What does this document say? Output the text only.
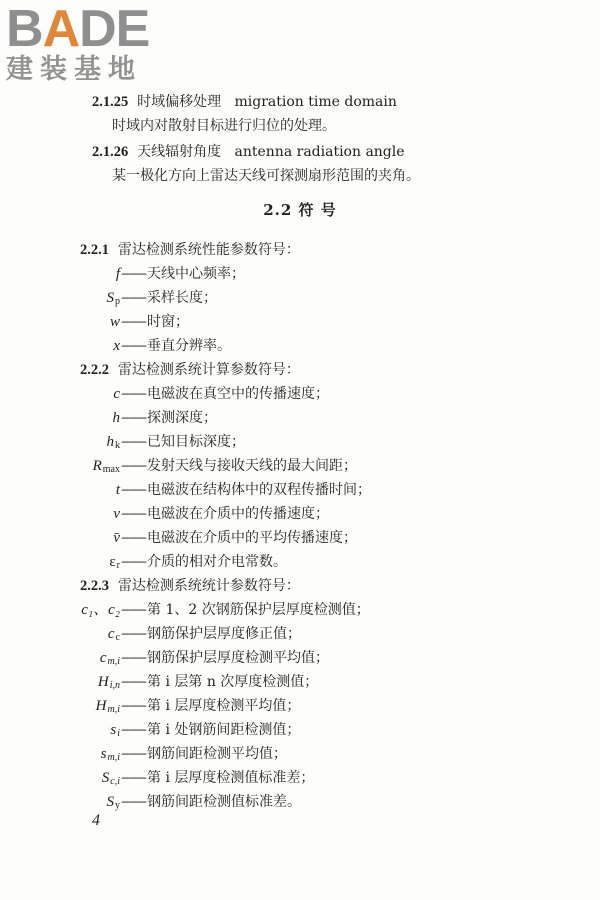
BADE
建装基地
2.1.25 时域偏移处理 migration time domain
时域内对散射目标进行归位的处理。
2.1.26 天线辐射角度 antenna radiation angle
某一极化方向上雷达天线可探测扇形范围的夹角。
2.2 符 号
2.2.1 雷达检测系统性能参数符号：
f—— 天线中心频率；
$S_p——$ 采样长度；
w—— 时窗；
x—— 垂直分辨率。
2.2.2 雷达检测系统计算参数符号：
c—— 电磁波在真空中的传播速度；
h—— 探测深度；
$h_k——$ 已知目标深度；
$R_{max}——$ 发射天线与接收天线的最大间距；
t—— 电磁波在结构体中的双程传播时间；
v—— 电磁波在介质中的传播速度；
v̄—— 电磁波在介质中的平均传播速度；
$\varepsilon_r——$ 介质的相对介电常数。
2.2.3 雷达检测系统统计参数符号：
c₁、c₂—— 第 1、2 次钢筋保护层厚度检测值；
$c_c——$ 钢筋保护层厚度修正值；
cm,i—— 钢筋保护层厚度检测平均值；
Hi,n—— 第 i 层第 n 次厚度检测值；
Hm,i—— 第 i 层厚度检测平均值；
si—— 第 i 处钢筋间距检测值；
sm,i—— 钢筋间距检测平均值；
Sc,i—— 第 i 层厚度检测值标准差；
$S_y——$ 钢筋间距检测值标准差。
4
